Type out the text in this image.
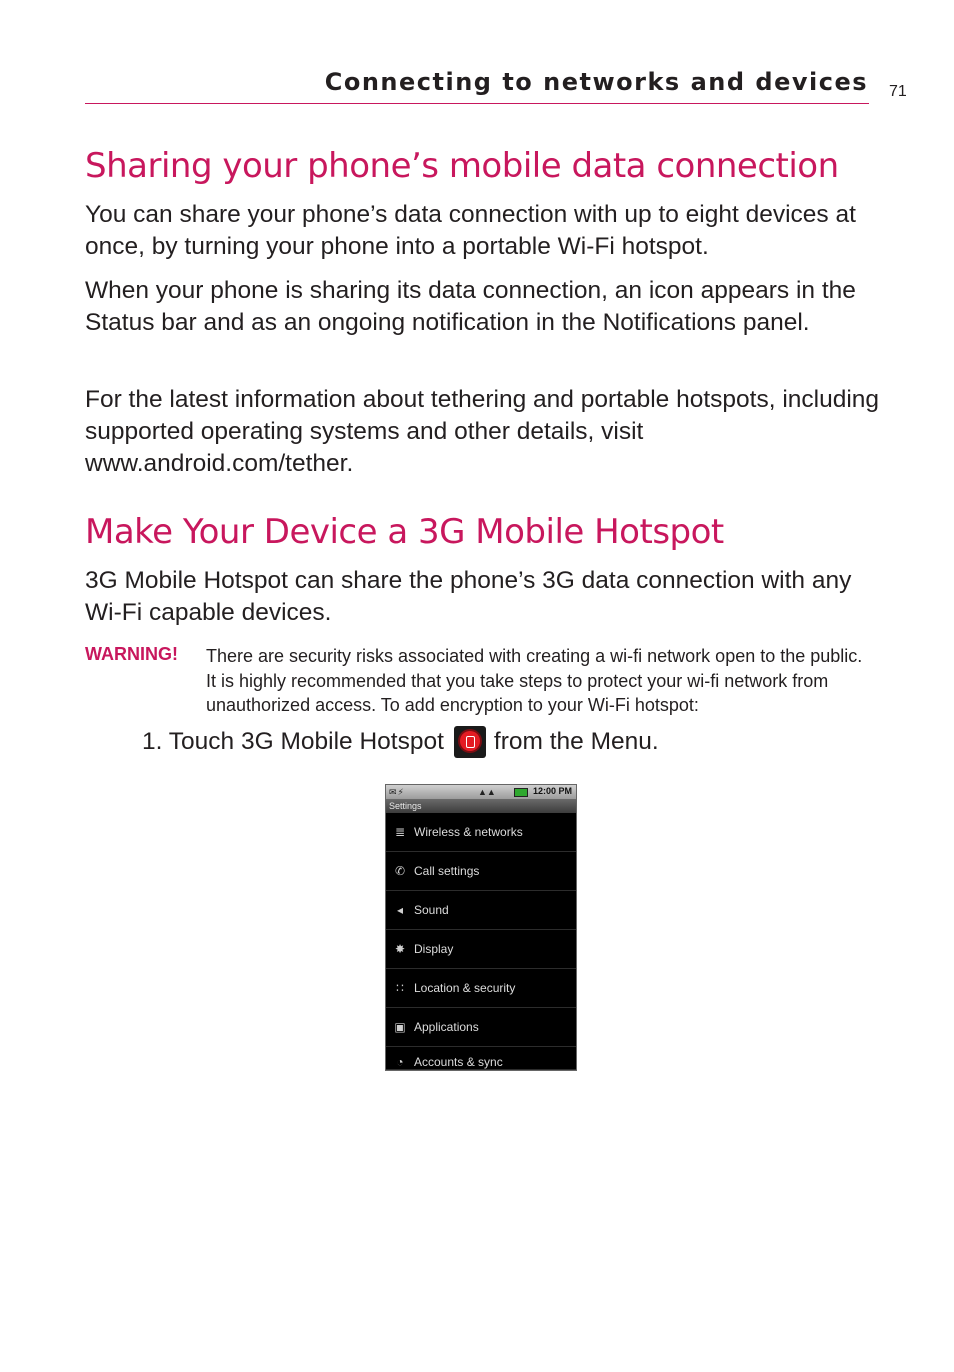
Connecting to networks and devices 71
Sharing your phone’s mobile data connection

You can share your phone’s data connection with up to eight devices at once, by turning your phone into a portable Wi-Fi hotspot.

When your phone is sharing its data connection, an icon appears in the Status bar and as an ongoing notification in the Notifications panel.

For the latest information about tethering and portable hotspots, including supported operating systems and other details, visit www.android.com/tether.

Make Your Device a 3G Mobile Hotspot

3G Mobile Hotspot can share the phone’s 3G data connection with any Wi-Fi capable devices.

WARNING! There are security risks associated with creating a wi-fi network open to the public. It is highly recommended that you take steps to protect your wi-fi network from unauthorized access. To add encryption to your Wi-Fi hotspot:

1. Touch 3G Mobile Hotspot from the Menu.
✉⚡	▲▲	12:00 PM
Settings
≣ Wireless & networks
✆ Call settings
◂ Sound
✸ Display
∷ Location & security
▣ Applications
◔ Accounts & sync
